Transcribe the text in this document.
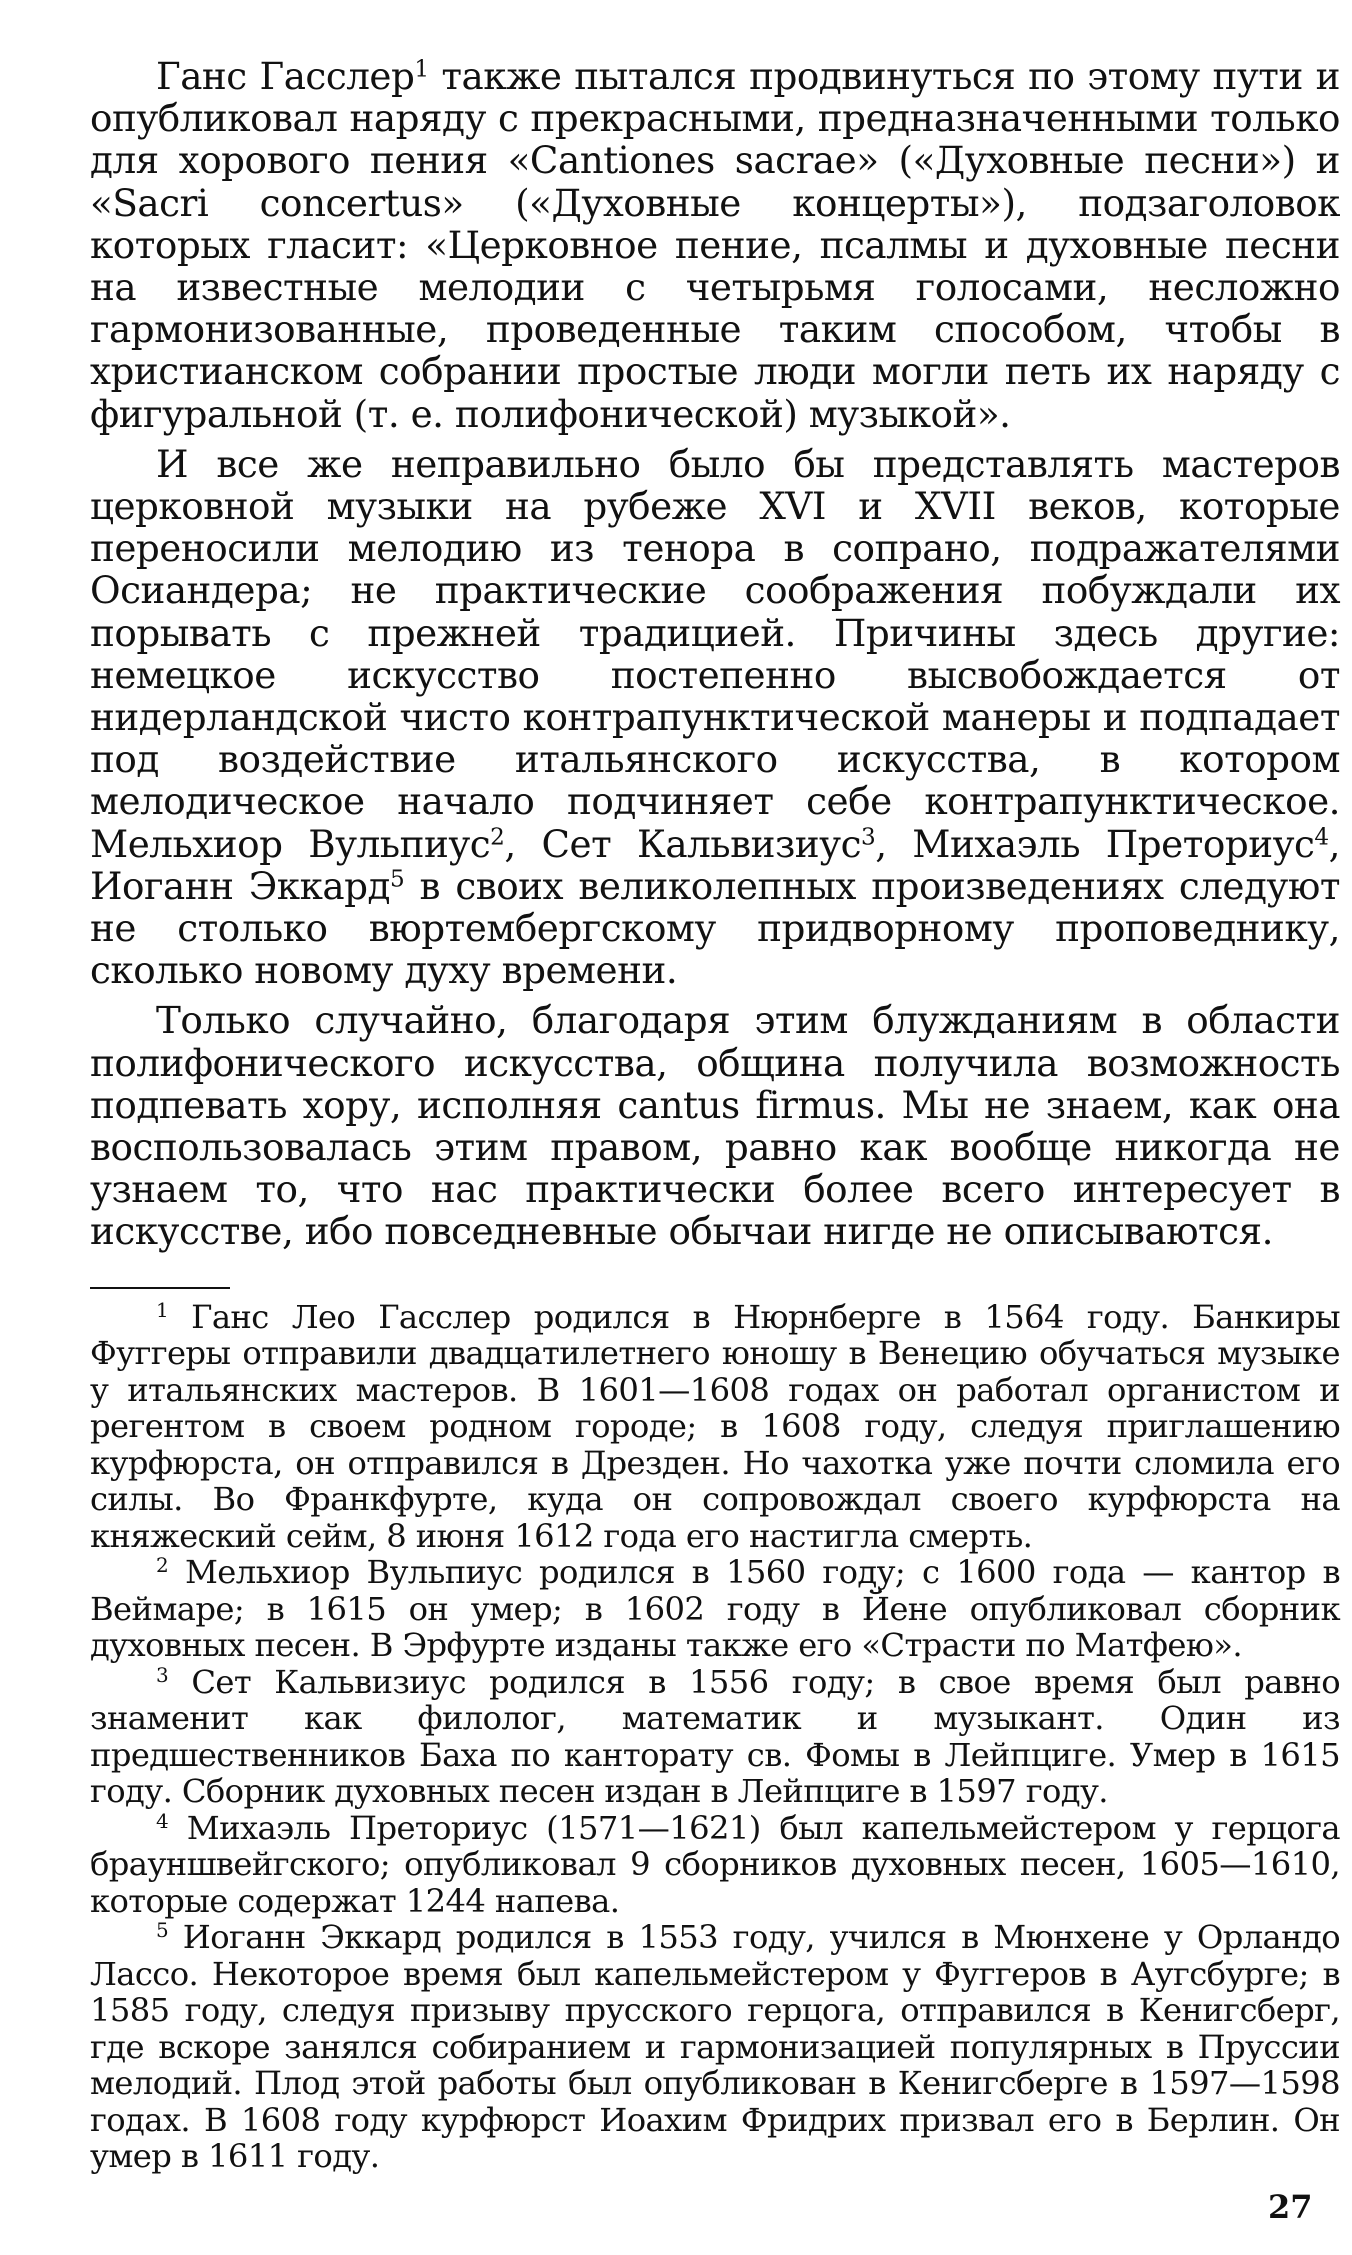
Ганс Гасслер$^1$ также пытался продвинуться по этому пути и опубликовал наряду с прекрасными, предназначенными только для хорового пения «Cantiones sacrae» («Духовные песни») и «Sacri concertus» («Духовные концерты»), подзаголовок которых гласит: «Церковное пение, псалмы и духовные песни на известные мелодии с четырьмя голосами, несложно гармонизованные, проведенные таким способом, чтобы в христианском собрании простые люди могли петь их наряду с фигуральной (т. е. полифонической) музыкой».

И все же неправильно было бы представлять мастеров церковной музыки на рубеже XVI и XVII веков, которые переносили мелодию из тенора в сопрано, подражателями Осиандера; не практические соображения побуждали их порывать с прежней традицией. Причины здесь другие: немецкое искусство постепенно высвобождается от нидерландской чисто контрапунктической манеры и подпадает под воздействие итальянского искусства, в котором мелодическое начало подчиняет себе контрапунктическое. Мельхиор Вульпиус$^2$, Сет Кальвизиус$^3$, Михаэль Преториус$^4$, Иоганн Эккард$^5$ в своих великолепных произведениях следуют не столько вюртембергскому придворному проповеднику, сколько новому духу времени.

Только случайно, благодаря этим блужданиям в области полифонического искусства, община получила возможность подпевать хору, исполняя cantus firmus. Мы не знаем, как она воспользовалась этим правом, равно как вообще никогда не узнаем то, что нас практически более всего интересует в искусстве, ибо повседневные обычаи нигде не описываются.

$^1$ Ганс Лео Гасслер родился в Нюрнберге в 1564 году. Банкиры Фуггеры отправили двадцатилетнего юношу в Венецию обучаться музыке у итальянских мастеров. В 1601—1608 годах он работал органистом и регентом в своем родном городе; в 1608 году, следуя приглашению курфюрста, он отправился в Дрезден. Но чахотка уже почти сломила его силы. Во Франкфурте, куда он сопровождал своего курфюрста на княжеский сейм, 8 июня 1612 года его настигла смерть.

$^2$ Мельхиор Вульпиус родился в 1560 году; с 1600 года — кантор в Веймаре; в 1615 он умер; в 1602 году в Йене опубликовал сборник духовных песен. В Эрфурте изданы также его «Страсти по Матфею».

$^3$ Сет Кальвизиус родился в 1556 году; в свое время был равно знаменит как филолог, математик и музыкант. Один из предшественников Баха по канторату св. Фомы в Лейпциге. Умер в 1615 году. Сборник духовных песен издан в Лейпциге в 1597 году.

$^4$ Михаэль Преториус (1571—1621) был капельмейстером у герцога брауншвейгского; опубликовал 9 сборников духовных песен, 1605—1610, которые содержат 1244 напева.

$^5$ Иоганн Эккард родился в 1553 году, учился в Мюнхене у Орландо Лассо. Некоторое время был капельмейстером у Фуггеров в Аугсбурге; в 1585 году, следуя призыву прусского герцога, отправился в Кенигсберг, где вскоре занялся собиранием и гармонизацией популярных в Пруссии мелодий. Плод этой работы был опубликован в Кенигсберге в 1597—1598 годах. В 1608 году курфюрст Иоахим Фридрих призвал его в Берлин. Он умер в 1611 году.

27
